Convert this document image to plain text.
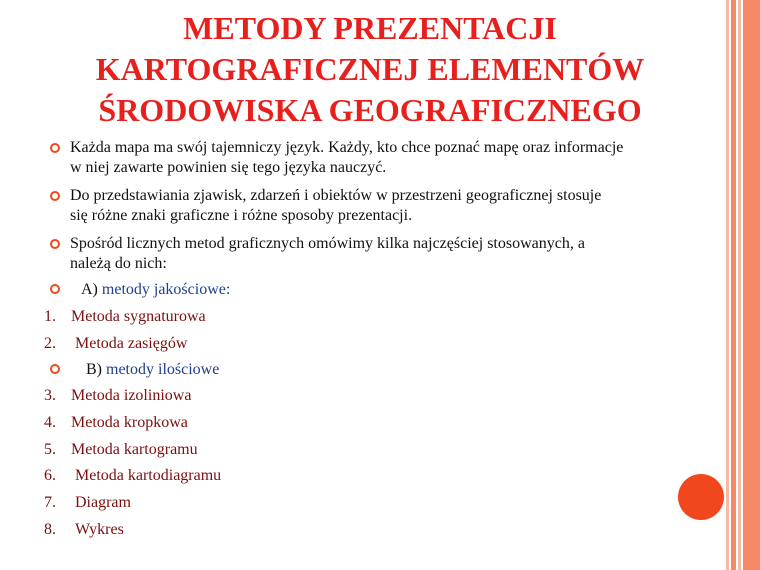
METODY PREZENTACJI
KARTOGRAFICZNEJ ELEMENTÓW
ŚRODOWISKA GEOGRAFICZNEGO
Każda mapa ma swój tajemniczy język. Każdy, kto chce poznać mapę oraz informacje
w niej zawarte powinien się tego języka nauczyć.
Do przedstawiania zjawisk, zdarzeń i obiektów w przestrzeni geograficznej stosuje
się różne znaki graficzne i różne sposoby prezentacji.
Spośród licznych metod graficznych omówimy kilka najczęściej stosowanych, a
należą do nich:
A) metody jakościowe:
1. Metoda sygnaturowa
2. Metoda zasięgów
B) metody ilościowe
3. Metoda izoliniowa
4. Metoda kropkowa
5. Metoda kartogramu
6. Metoda kartodiagramu
7. Diagram
8. Wykres
